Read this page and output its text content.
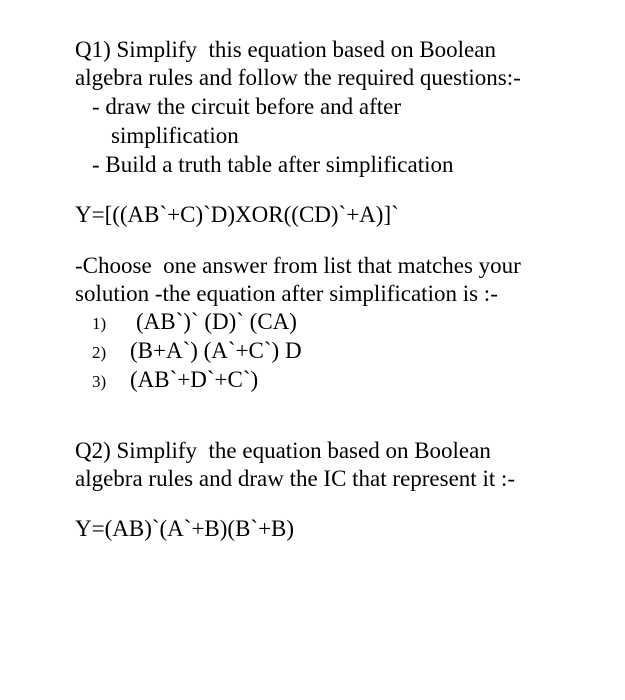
Q1) Simplify  this equation based on Boolean
algebra rules and follow the required questions:-
- draw the circuit before and after
simplification
- Build a truth table after simplification
Y=[((AB`+C)`D)XOR((CD)`+A)]`
-Choose  one answer from list that matches your
solution -the equation after simplification is :-
1) (AB`)` (D)` (CA)
2) (B+A`) (A`+C`) D
3) (AB`+D`+C`)
Q2) Simplify  the equation based on Boolean
algebra rules and draw the IC that represent it :-
Y=(AB)`(A`+B)(B`+B)
